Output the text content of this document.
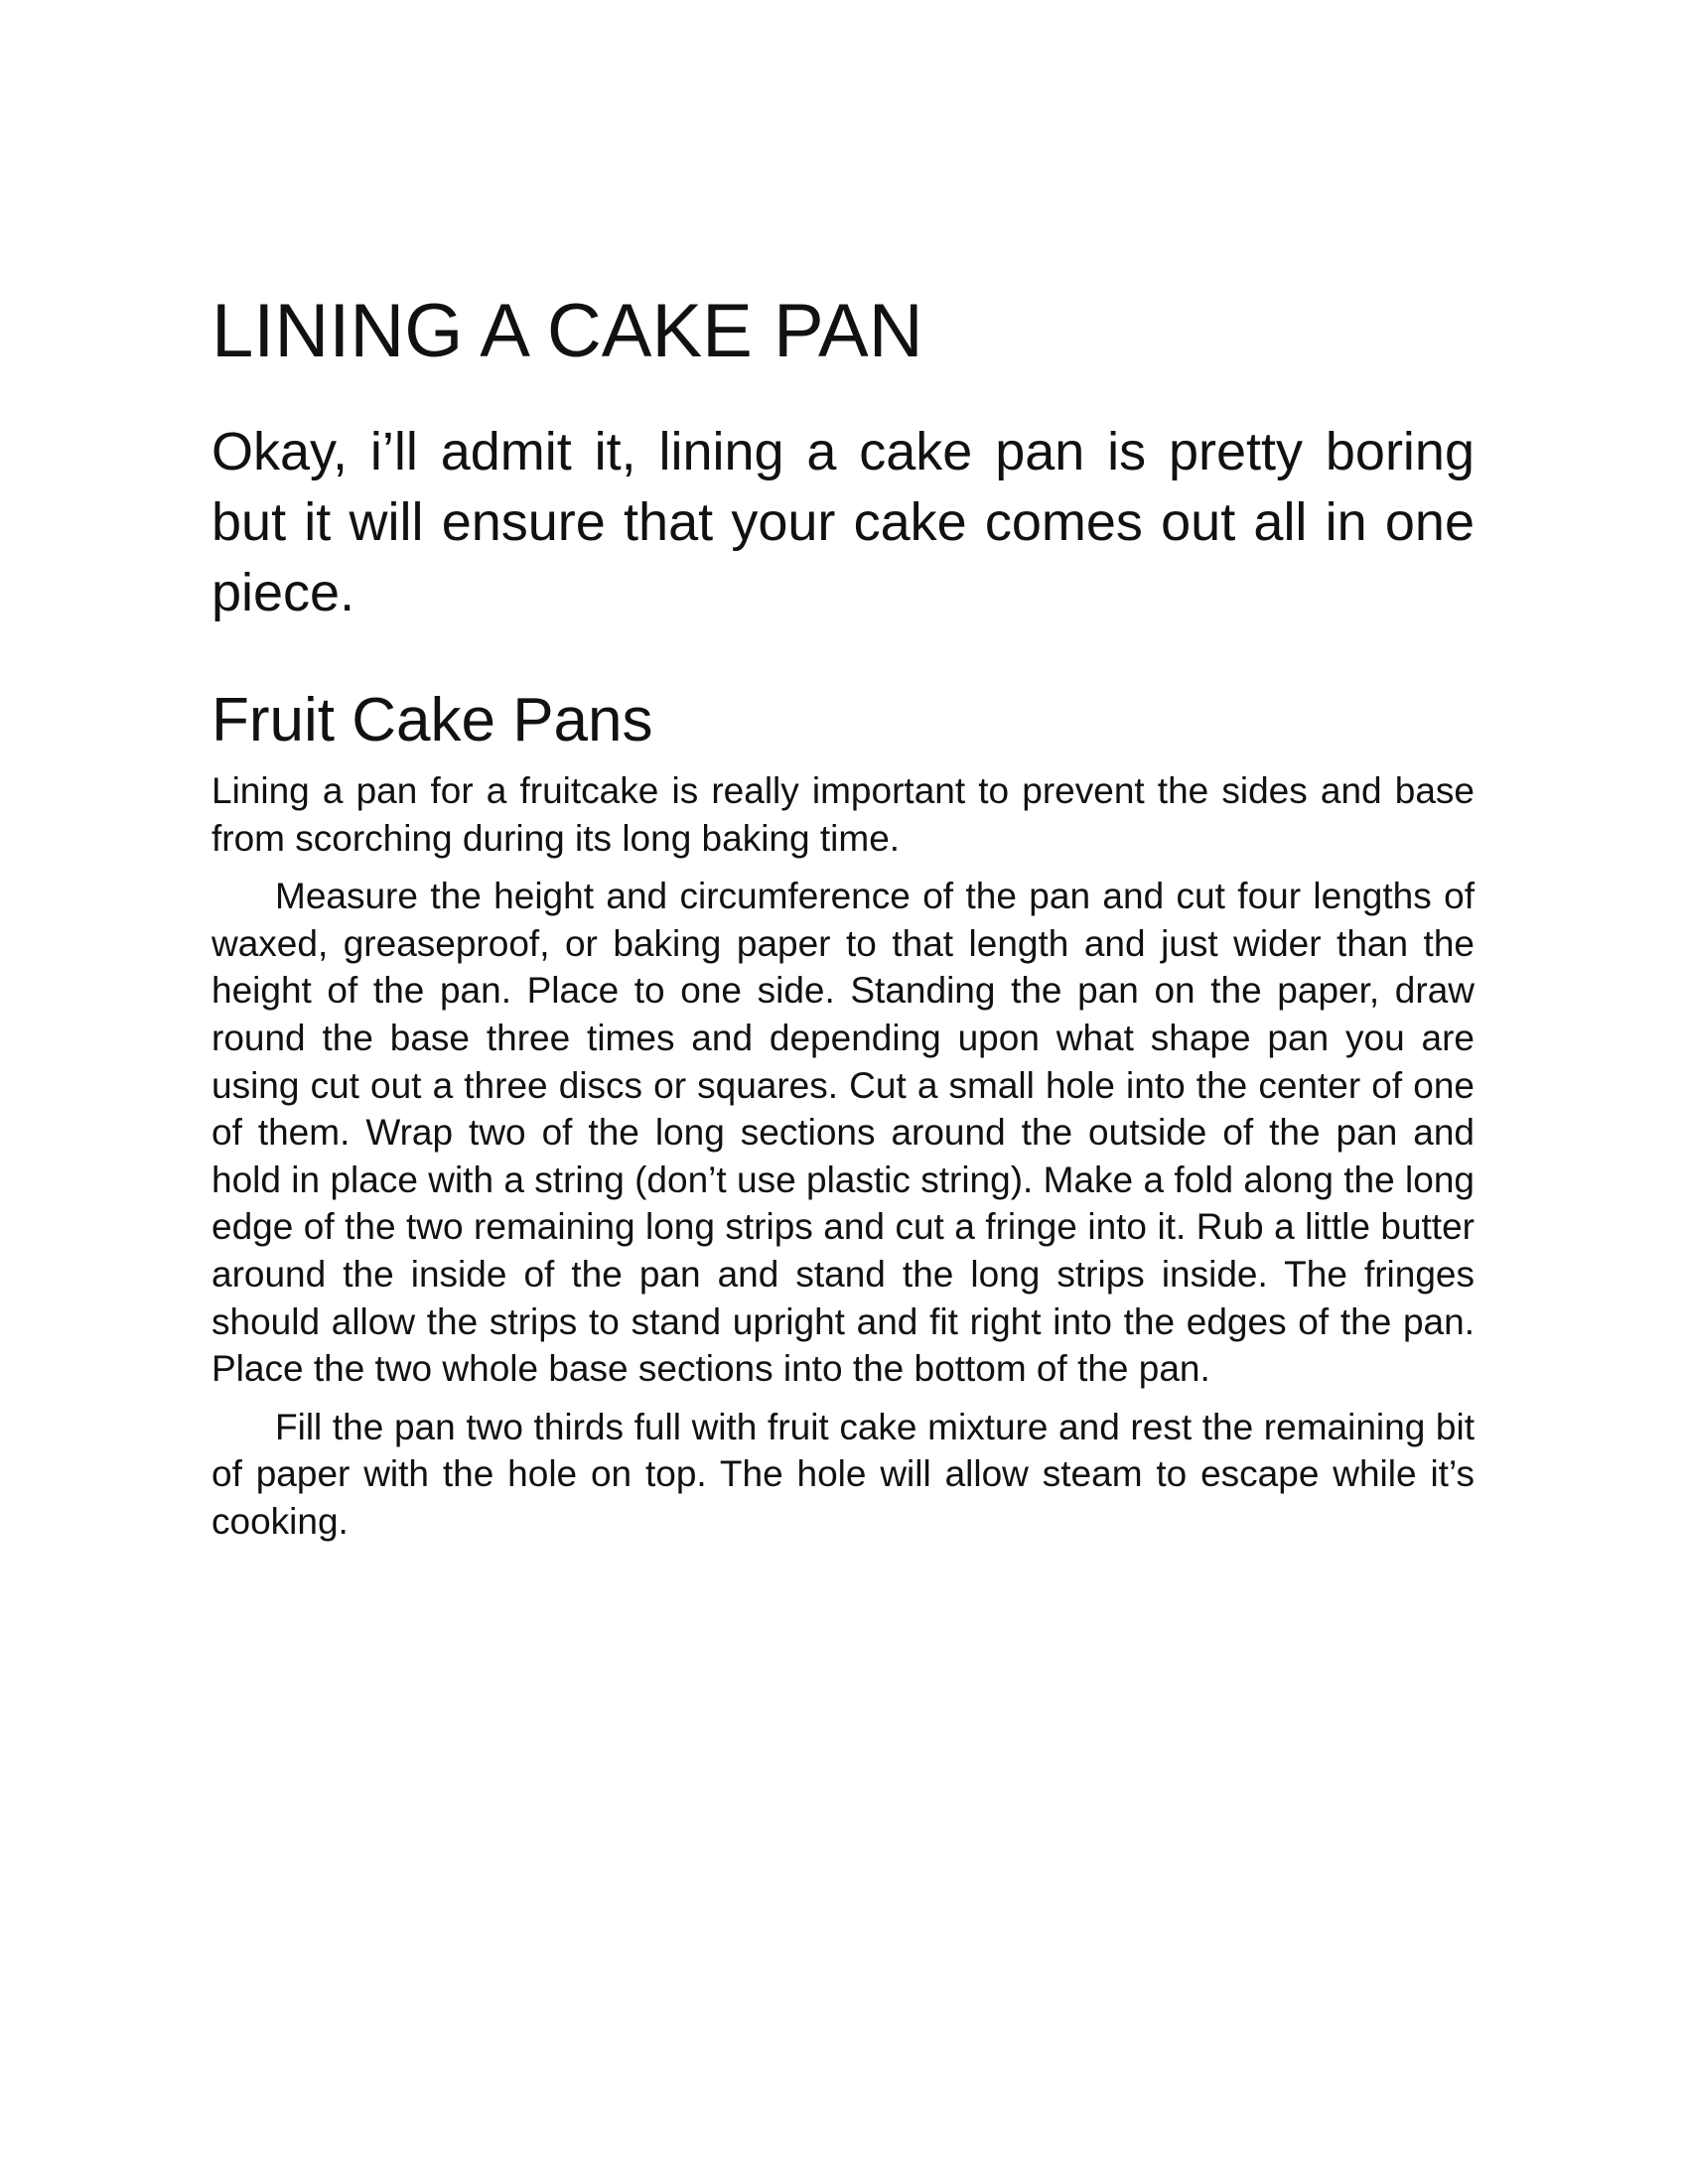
LINING A CAKE PAN

Okay, i’ll admit it, lining a cake pan is pretty boring but it will ensure that your cake comes out all in one piece.

Fruit Cake Pans

Lining a pan for a fruitcake is really important to prevent the sides and base from scorching during its long baking time.

Measure the height and circumference of the pan and cut four lengths of waxed, greaseproof, or baking paper to that length and just wider than the height of the pan. Place to one side. Standing the pan on the paper, draw round the base three times and depending upon what shape pan you are using cut out a three discs or squares. Cut a small hole into the center of one of them. Wrap two of the long sections around the outside of the pan and hold in place with a string (don’t use plastic string). Make a fold along the long edge of the two remaining long strips and cut a fringe into it. Rub a little butter around the inside of the pan and stand the long strips inside. The fringes should allow the strips to stand upright and fit right into the edges of the pan. Place the two whole base sections into the bottom of the pan.

Fill the pan two thirds full with fruit cake mixture and rest the remaining bit of paper with the hole on top. The hole will allow steam to escape while it’s cooking.
